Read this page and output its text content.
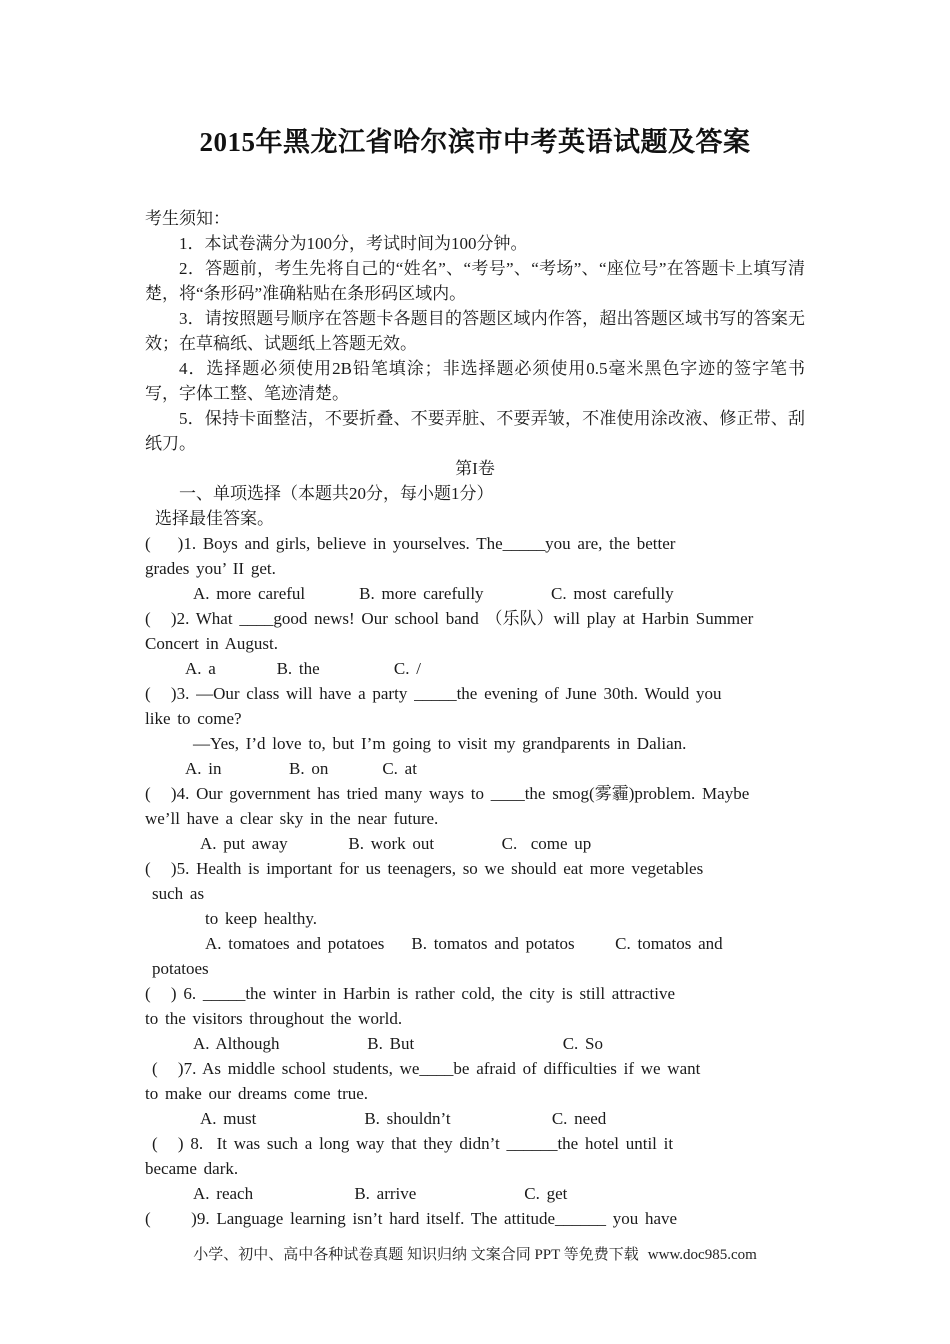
2015年黑龙江省哈尔滨市中考英语试题及答案

考生须知：

1．本试卷满分为100分，考试时间为100分钟。

2．答题前，考生先将自己的“姓名”、“考号”、“考场”、“座位号”在答题卡上填写清楚，将“条形码”准确粘贴在条形码区域内。

3．请按照题号顺序在答题卡各题目的答题区域内作答，超出答题区域书写的答案无效；在草稿纸、试题纸上答题无效。

4．选择题必须使用2B铅笔填涂；非选择题必须使用0.5毫米黑色字迹的签字笔书写，字体工整、笔迹清楚。

5．保持卡面整洁，不要折叠、不要弄脏、不要弄皱，不准使用涂改液、修正带、刮纸刀。

第I卷

一、单项选择（本题共20分，每小题1分）

选择最佳答案。

(    )1. Boys and girls, believe in yourselves. The_____you are, the better
grades you’ II get.
A. more careful        B. more carefully          C. most carefully
(   )2. What ____good news! Our school band （乐队）will play at Harbin Summer
Concert in August.
A. a         B. the           C. /
(   )3. —Our class will have a party _____the evening of June 30th. Would you
like to come?
—Yes, I’d love to, but I’m going to visit my grandparents in Dalian.
A. in          B. on        C. at
(   )4. Our government has tried many ways to ____the smog(雾霾)problem. Maybe
we’ll have a clear sky in the near future.
A. put away         B. work out          C.  come up
(   )5. Health is important for us teenagers, so we should eat more vegetables
such as
to keep healthy.
A. tomatoes and potatoes    B. tomatos and potatos      C. tomatos and
potatoes
(   ) 6. _____the winter in Harbin is rather cold, the city is still attractive
to the visitors throughout the world.
A. Although             B. But                      C. So
(   )7. As middle school students, we____be afraid of difficulties if we want
to make our dreams come true.
A. must                B. shouldn’t               C. need
(   ) 8.  It was such a long way that they didn’t ______the hotel until it
became dark.
A. reach               B. arrive                C. get
(      )9. Language learning isn’t hard itself. The attitude______ you have

小学、初中、高中各种试卷真题 知识归纳 文案合同 PPT 等免费下载 www.doc985.com
